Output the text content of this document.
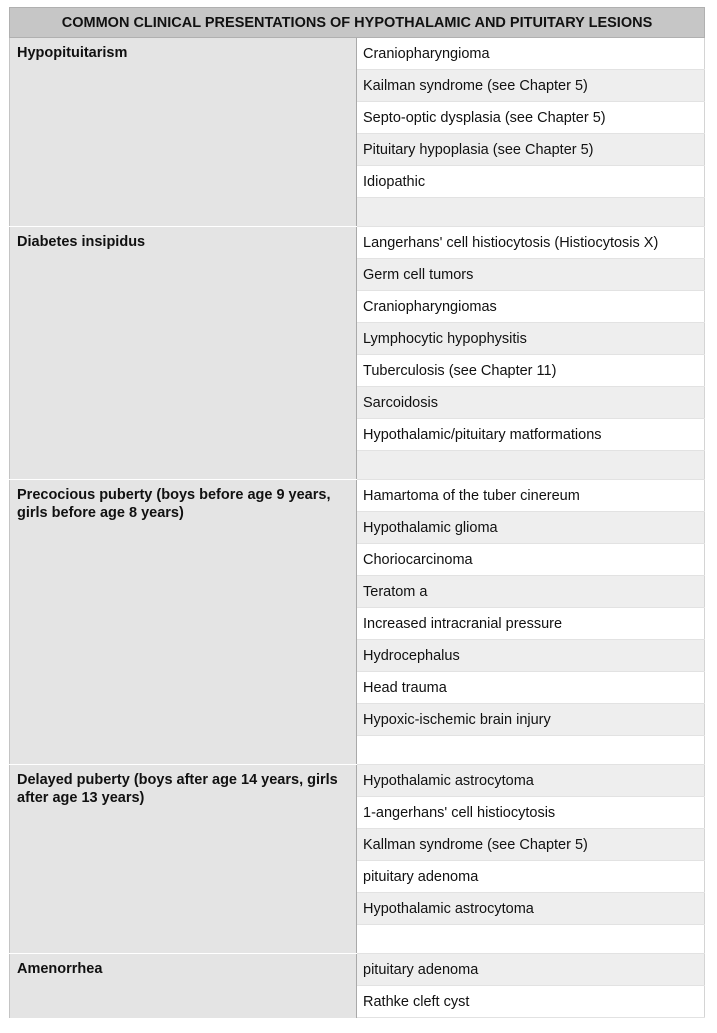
COMMON CLINICAL PRESENTATIONS OF HYPOTHALAMIC AND PITUITARY LESIONS	
Hypopituitarism	Craniopharyngioma
	Kailman syndrome (see Chapter 5)
	Septo-optic dysplasia (see Chapter 5)
	Pituitary hypoplasia (see Chapter 5)
	Idiopathic

Diabetes insipidus	Langerhans' cell histiocytosis (Histiocytosis X)
	Germ cell tumors
	Craniopharyngiomas
	Lymphocytic hypophysitis
	Tuberculosis (see Chapter 11)
	Sarcoidosis
	Hypothalamic/pituitary matformations

Precocious puberty (boys before age 9 years, girls before age 8 years)	Hamartoma of the tuber cinereum
	Hypothalamic glioma
	Choriocarcinoma
	Teratom a
	Increased intracranial pressure
	Hydrocephalus
	Head trauma
	Hypoxic-ischemic brain injury

Delayed puberty (boys after age 14 years, girls after age 13 years)	Hypothalamic astrocytoma
	1-angerhans' cell histiocytosis
	Kallman syndrome (see Chapter 5)
	pituitary adenoma
	Hypothalamic astrocytoma

Amenorrhea	pituitary adenoma
	Rathke cleft cyst
